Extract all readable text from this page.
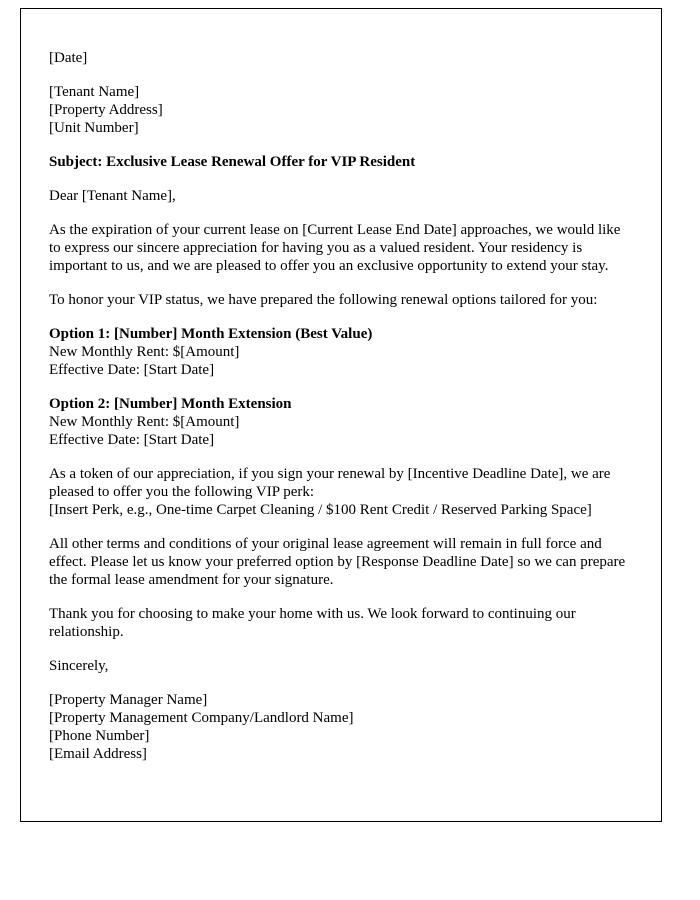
[Date]
[Tenant Name]
[Property Address]
[Unit Number]
Subject: Exclusive Lease Renewal Offer for VIP Resident
Dear [Tenant Name],
As the expiration of your current lease on [Current Lease End Date] approaches, we would like to express our sincere appreciation for having you as a valued resident. Your residency is important to us, and we are pleased to offer you an exclusive opportunity to extend your stay.
To honor your VIP status, we have prepared the following renewal options tailored for you:
Option 1: [Number] Month Extension (Best Value)
New Monthly Rent: $[Amount]
Effective Date: [Start Date]
Option 2: [Number] Month Extension
New Monthly Rent: $[Amount]
Effective Date: [Start Date]
As a token of our appreciation, if you sign your renewal by [Incentive Deadline Date], we are pleased to offer you the following VIP perk:
[Insert Perk, e.g., One-time Carpet Cleaning / $100 Rent Credit / Reserved Parking Space]
All other terms and conditions of your original lease agreement will remain in full force and effect. Please let us know your preferred option by [Response Deadline Date] so we can prepare the formal lease amendment for your signature.
Thank you for choosing to make your home with us. We look forward to continuing our relationship.
Sincerely,
[Property Manager Name]
[Property Management Company/Landlord Name]
[Phone Number]
[Email Address]
